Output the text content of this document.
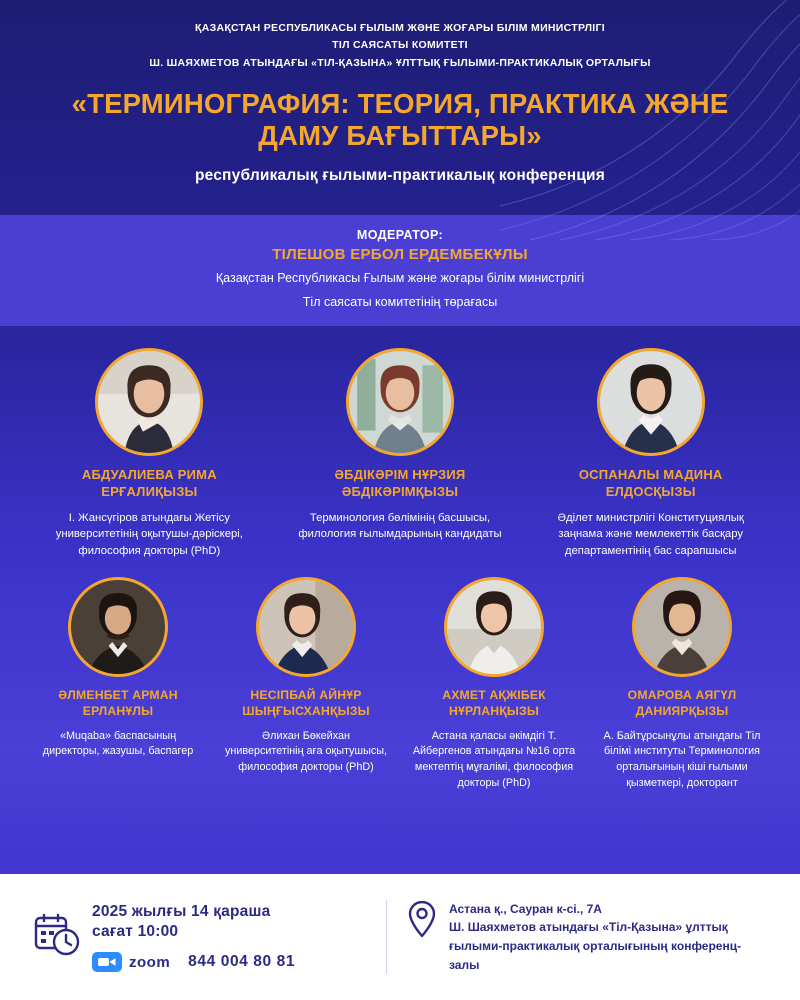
ҚАЗАҚСТАН РЕСПУБЛИКАСЫ ҒЫЛЫМ ЖӘНЕ ЖОҒАРЫ БІЛІМ МИНИСТРЛІГІ
ТІЛ САЯСАТЫ КОМИТЕТІ
Ш. ШАЯХМЕТОВ АТЫНДАҒЫ «ТІЛ-ҚАЗЫНА» ҰЛТТЫҚ ҒЫЛЫМИ-ПРАКТИКАЛЫҚ ОРТАЛЫҒЫ
«ТЕРМИНОГРАФИЯ: ТЕОРИЯ, ПРАКТИКА ЖӘНЕ
ДАМУ БАҒЫТТАРЫ»
республикалық ғылыми-практикалық конференция
МОДЕРАТОР:
ТІЛЕШОВ ЕРБОЛ ЕРДЕМБЕКҰЛЫ
Қазақстан Республикасы Ғылым және жоғары білім министрлігі
Тіл саясаты комитетінің төрағасы
АБДУАЛИЕВА РИМА
ЕРҒАЛИҚЫЗЫ
І. Жансүгіров атындағы Жетісу университетінің оқытушы-дәріскері, философия докторы (PhD)
ӘБДІКӘРІМ НҰРЗИЯ
ӘБДІКӘРІМҚЫЗЫ
Терминология бөлімінің басшысы, филология ғылымдарының кандидаты
ОСПАНАЛЫ МАДИНА
ЕЛДОСҚЫЗЫ
Әділет министрлігі Конституциялық заңнама және мемлекеттік басқару департаментінің бас сарапшысы
ӘЛМЕНБЕТ АРМАН
ЕРЛАНҰЛЫ
«Muqaba» баспасының директоры, жазушы, баспагер
НЕСІПБАЙ АЙНҰР
ШЫҢҒЫСХАНҚЫЗЫ
Әлихан Бөкейхан университетінің аға оқытушысы, философия докторы (PhD)
АХМЕТ АҚЖІБЕК
НҰРЛАНҚЫЗЫ
Астана қаласы әкімдігі Т. Айбергенов атындағы №16 орта мектептің мұғалімі, философия докторы (PhD)
ОМАРОВА АЯГҮЛ
ДАНИЯРҚЫЗЫ
А. Байтұрсынұлы атындағы Тіл білімі институты Терминология орталығының кіші ғылыми қызметкері, докторант
2025 жылғы 14 қараша
сағат 10:00
zoom 844 004 80 81
Астана қ., Сауран к-сі., 7А
Ш. Шаяхметов атындағы «Тіл-Қазына» ұлттық
ғылыми-практикалық орталығының конференц-залы
